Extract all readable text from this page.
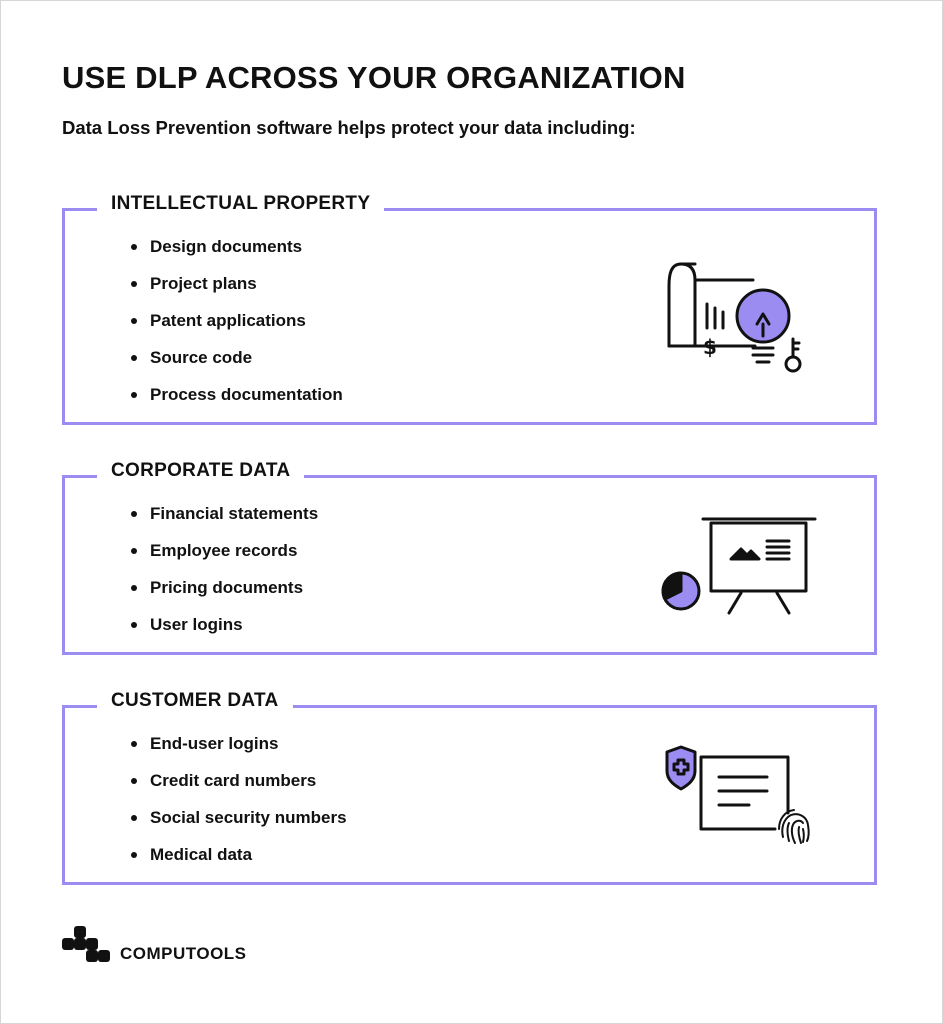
USE DLP ACROSS YOUR ORGANIZATION

Data Loss Prevention software helps protect your data including:

INTELLECTUAL PROPERTY
Design documents
Project plans
Patent applications
Source code
Process documentation
$
CORPORATE DATA
Financial statements
Employee records
Pricing documents
User logins
CUSTOMER DATA
End-user logins
Credit card numbers
Social security numbers
Medical data
COMPUTOOLS
